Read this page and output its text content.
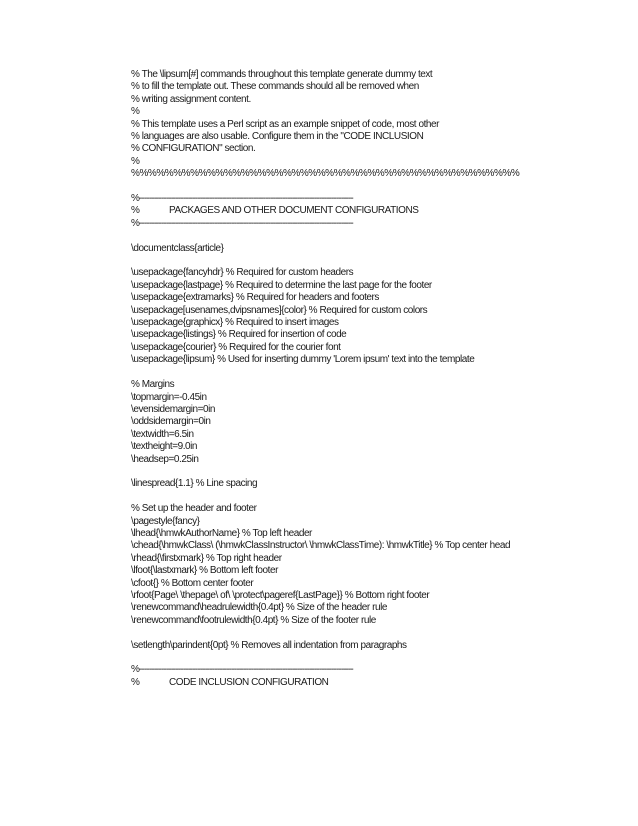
% The \lipsum[#] commands throughout this template generate dummy text
% to fill the template out. These commands should all be removed when
% writing assignment content.
%
% This template uses a Perl script as an example snippet of code, most other
% languages are also usable. Configure them in the "CODE INCLUSION
% CONFIGURATION" section.
%
%%%%%%%%%%%%%%%%%%%%%%%%%%%%%%%%%%%%%%%%%%%%%%
%----------------------------------------------------------------------------------------
%	PACKAGES AND OTHER DOCUMENT CONFIGURATIONS
%----------------------------------------------------------------------------------------
\documentclass{article}
\usepackage{fancyhdr} % Required for custom headers
\usepackage{lastpage} % Required to determine the last page for the footer
\usepackage{extramarks} % Required for headers and footers
\usepackage[usenames,dvipsnames]{color} % Required for custom colors
\usepackage{graphicx} % Required to insert images
\usepackage{listings} % Required for insertion of code
\usepackage{courier} % Required for the courier font
\usepackage{lipsum} % Used for inserting dummy 'Lorem ipsum' text into the template
% Margins
\topmargin=-0.45in
\evensidemargin=0in
\oddsidemargin=0in
\textwidth=6.5in
\textheight=9.0in
\headsep=0.25in
\linespread{1.1} % Line spacing
% Set up the header and footer
\pagestyle{fancy}
\lhead{\hmwkAuthorName} % Top left header
\chead{\hmwkClass\ (\hmwkClassInstructor\ \hmwkClassTime): \hmwkTitle} % Top center head
\rhead{\firstxmark} % Top right header
\lfoot{\lastxmark} % Bottom left footer
\cfoot{} % Bottom center footer
\rfoot{Page\ \thepage\ of\ \protect\pageref{LastPage}} % Bottom right footer
\renewcommand\headrulewidth{0.4pt} % Size of the header rule
\renewcommand\footrulewidth{0.4pt} % Size of the footer rule
\setlength\parindent{0pt} % Removes all indentation from paragraphs
%----------------------------------------------------------------------------------------
%	CODE INCLUSION CONFIGURATION
